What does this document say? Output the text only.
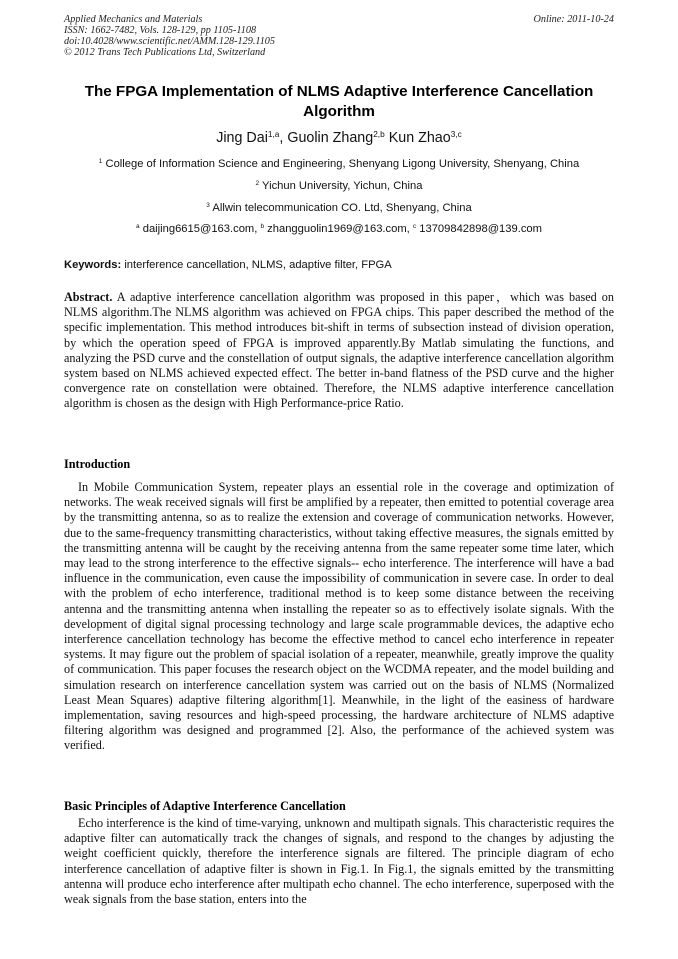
Applied Mechanics and Materials
ISSN: 1662-7482, Vols. 128-129, pp 1105-1108
doi:10.4028/www.scientific.net/AMM.128-129.1105
© 2012 Trans Tech Publications Ltd, Switzerland
Online: 2011-10-24
The FPGA Implementation of NLMS Adaptive Interference Cancellation
Algorithm
Jing Dai$^{1,a}$, Guolin Zhang$^{2,b}$ Kun Zhao$^{3,c}$
$^1$ College of Information Science and Engineering, Shenyang Ligong University, Shenyang, China
$^2$ Yichun University, Yichun, China
$^3$ Allwin telecommunication CO. Ltd, Shenyang, China
$^a$ daijing6615@163.com, $^b$ zhangguolin1969@163.com, $^c$ 13709842898@139.com
Keywords: interference cancellation, NLMS, adaptive filter, FPGA
Abstract. A adaptive interference cancellation algorithm was proposed in this paper，which was based on NLMS algorithm.The NLMS algorithm was achieved on FPGA chips. This paper described the method of the specific implementation. This method introduces bit-shift in terms of subsection instead of division operation, by which the operation speed of FPGA is improved apparently.By Matlab simulating the functions, and analyzing the PSD curve and the constellation of output signals, the adaptive interference cancellation algorithm system based on NLMS achieved expected effect. The better in-band flatness of the PSD curve and the higher convergence rate on constellation were obtained. Therefore, the NLMS adaptive interference cancellation algorithm is chosen as the design with High Performance-price Ratio.
Introduction
In Mobile Communication System, repeater plays an essential role in the coverage and optimization of networks. The weak received signals will first be amplified by a repeater, then emitted to potential coverage area by the transmitting antenna, so as to realize the extension and coverage of communication networks. However, due to the same-frequency transmitting characteristics, without taking effective measures, the signals emitted by the transmitting antenna will be caught by the receiving antenna from the same repeater some time later, which may lead to the strong interference to the effective signals-- echo interference. The interference will have a bad influence in the communication, even cause the impossibility of communication in severe case. In order to deal with the problem of echo interference, traditional method is to keep some distance between the receiving antenna and the transmitting antenna when installing the repeater so as to effectively isolate signals. With the development of digital signal processing technology and large scale programmable devices, the adaptive echo interference cancellation technology has become the effective method to cancel echo interference in repeater systems. It may figure out the problem of spacial isolation of a repeater, meanwhile, greatly improve the quality of communication. This paper focuses the research object on the WCDMA repeater, and the model building and simulation research on interference cancellation system was carried out on the basis of NLMS (Normalized Least Mean Squares) adaptive filtering algorithm[1]. Meanwhile, in the light of the easiness of hardware implementation, saving resources and high-speed processing, the hardware architecture of NLMS adaptive filtering algorithm was designed and programmed [2]. Also, the performance of the achieved system was verified.
Basic Principles of Adaptive Interference Cancellation
Echo interference is the kind of time-varying, unknown and multipath signals. This characteristic requires the adaptive filter can automatically track the changes of signals, and respond to the changes by adjusting the weight coefficient quickly, therefore the interference signals are filtered. The principle diagram of echo interference cancellation of adaptive filter is shown in Fig.1. In Fig.1, the signals emitted by the transmitting antenna will produce echo interference after multipath echo channel. The echo interference, superposed with the weak signals from the base station, enters into the
